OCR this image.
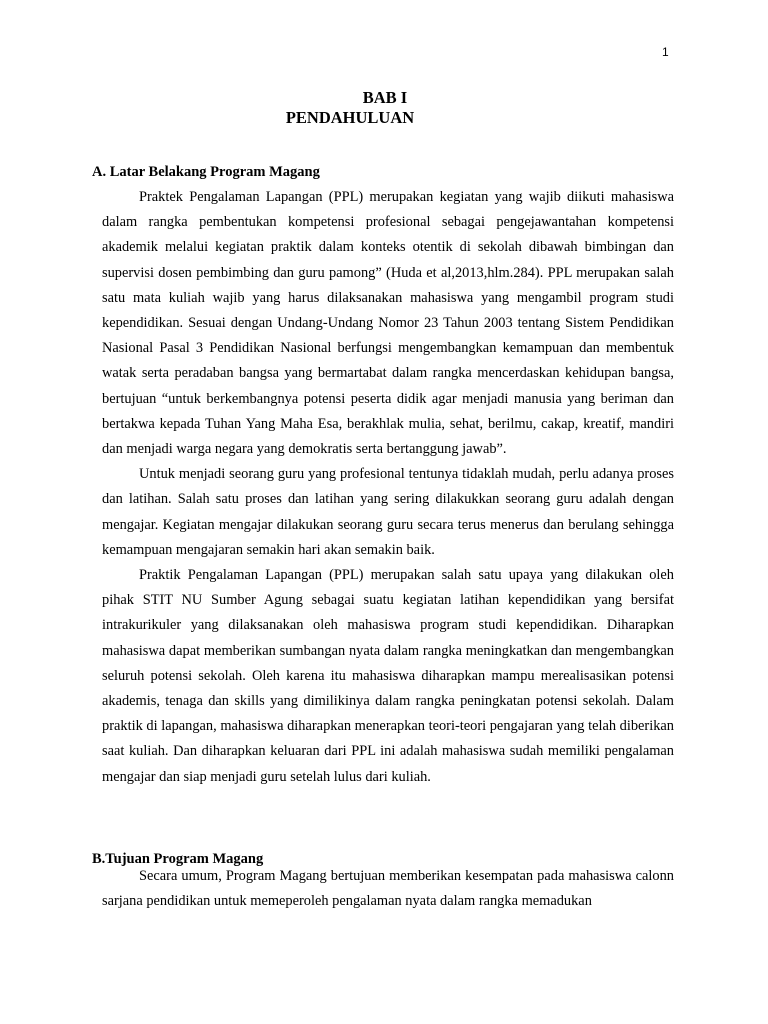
1
BAB I
PENDAHULUAN
A. Latar Belakang Program Magang

Praktek Pengalaman Lapangan (PPL) merupakan kegiatan yang wajib diikuti mahasiswa dalam rangka pembentukan kompetensi profesional sebagai pengejawantahan kompetensi akademik melalui kegiatan praktik dalam konteks otentik di sekolah dibawah bimbingan dan supervisi dosen pembimbing dan guru pamong” (Huda et al,2013,hlm.284). PPL merupakan salah satu mata kuliah wajib yang harus dilaksanakan mahasiswa yang mengambil program studi kependidikan. Sesuai dengan Undang-Undang Nomor 23 Tahun 2003 tentang Sistem Pendidikan Nasional Pasal 3 Pendidikan Nasional berfungsi mengembangkan kemampuan dan membentuk watak serta peradaban bangsa yang bermartabat dalam rangka mencerdaskan kehidupan bangsa, bertujuan “untuk berkembangnya potensi peserta didik agar menjadi manusia yang beriman dan bertakwa kepada Tuhan Yang Maha Esa, berakhlak mulia, sehat, berilmu, cakap, kreatif, mandiri dan menjadi warga negara yang demokratis serta bertanggung jawab”.

Untuk menjadi seorang guru yang profesional tentunya tidaklah mudah, perlu adanya proses dan latihan. Salah satu proses dan latihan yang sering dilakukkan seorang guru adalah dengan mengajar. Kegiatan mengajar dilakukan seorang guru secara terus menerus dan berulang sehingga kemampuan mengajaran semakin hari akan semakin baik.

Praktik Pengalaman Lapangan (PPL) merupakan salah satu upaya yang dilakukan oleh pihak STIT NU Sumber Agung sebagai suatu kegiatan latihan kependidikan yang bersifat intrakurikuler yang dilaksanakan oleh mahasiswa program studi kependidikan. Diharapkan mahasiswa dapat memberikan sumbangan nyata dalam rangka meningkatkan dan mengembangkan seluruh potensi sekolah. Oleh karena itu mahasiswa diharapkan mampu merealisasikan potensi akademis, tenaga dan skills yang dimilikinya dalam rangka peningkatan potensi sekolah. Dalam praktik di lapangan, mahasiswa diharapkan menerapkan teori-teori pengajaran yang telah diberikan saat kuliah. Dan diharapkan keluaran dari PPL ini adalah mahasiswa sudah memiliki pengalaman mengajar dan siap menjadi guru setelah lulus dari kuliah.

B.Tujuan Program Magang

Secara umum, Program Magang bertujuan memberikan kesempatan pada mahasiswa calonn sarjana pendidikan untuk memeperoleh pengalaman nyata dalam rangka memadukan
